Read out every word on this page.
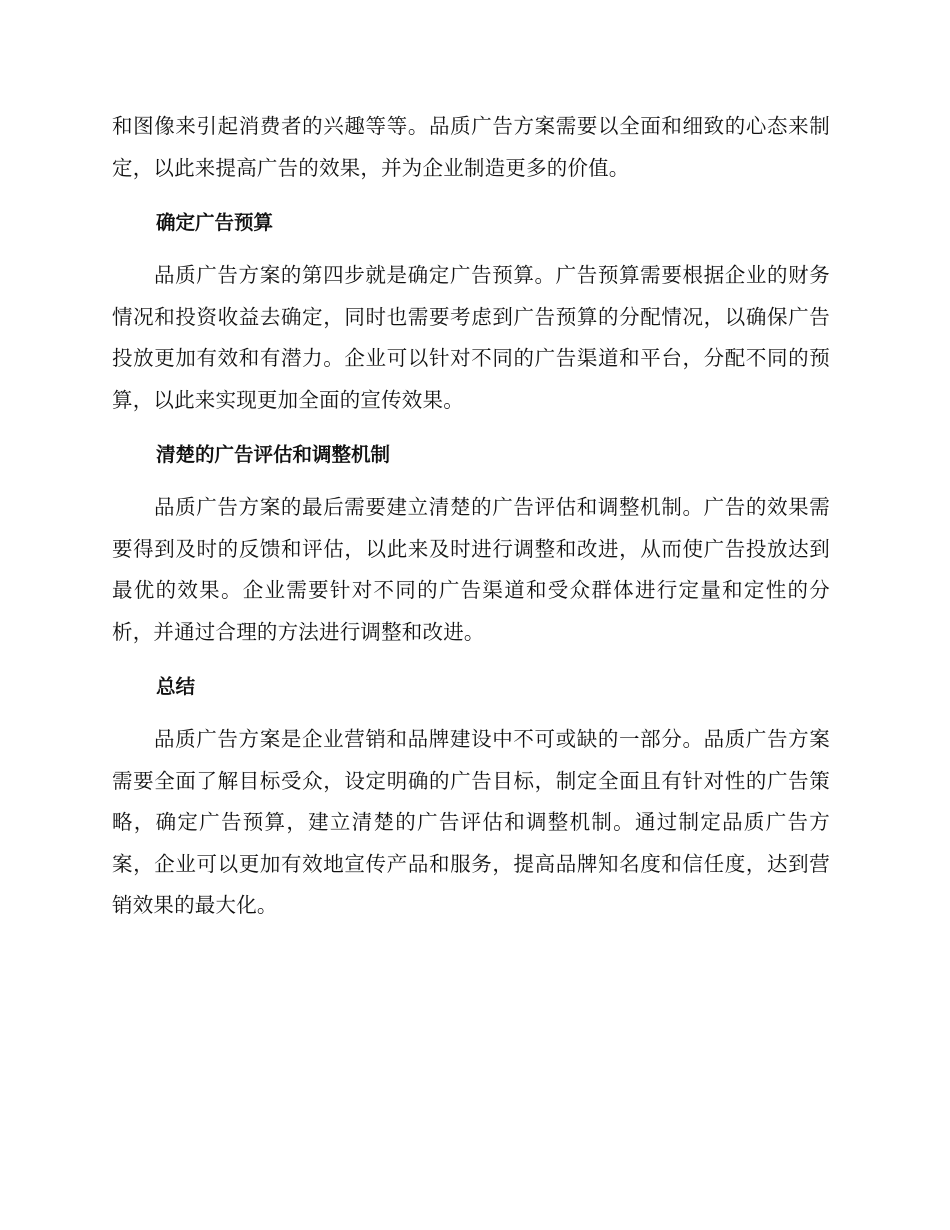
和图像来引起消费者的兴趣等等。品质广告方案需要以全面和细致的心态来制定，以此来提高广告的效果，并为企业制造更多的价值。

确定广告预算

品质广告方案的第四步就是确定广告预算。广告预算需要根据企业的财务情况和投资收益去确定，同时也需要考虑到广告预算的分配情况，以确保广告投放更加有效和有潜力。企业可以针对不同的广告渠道和平台，分配不同的预算，以此来实现更加全面的宣传效果。

清楚的广告评估和调整机制

品质广告方案的最后需要建立清楚的广告评估和调整机制。广告的效果需要得到及时的反馈和评估，以此来及时进行调整和改进，从而使广告投放达到最优的效果。企业需要针对不同的广告渠道和受众群体进行定量和定性的分析，并通过合理的方法进行调整和改进。

总结

品质广告方案是企业营销和品牌建设中不可或缺的一部分。品质广告方案需要全面了解目标受众，设定明确的广告目标，制定全面且有针对性的广告策略，确定广告预算，建立清楚的广告评估和调整机制。通过制定品质广告方案，企业可以更加有效地宣传产品和服务，提高品牌知名度和信任度，达到营销效果的最大化。
